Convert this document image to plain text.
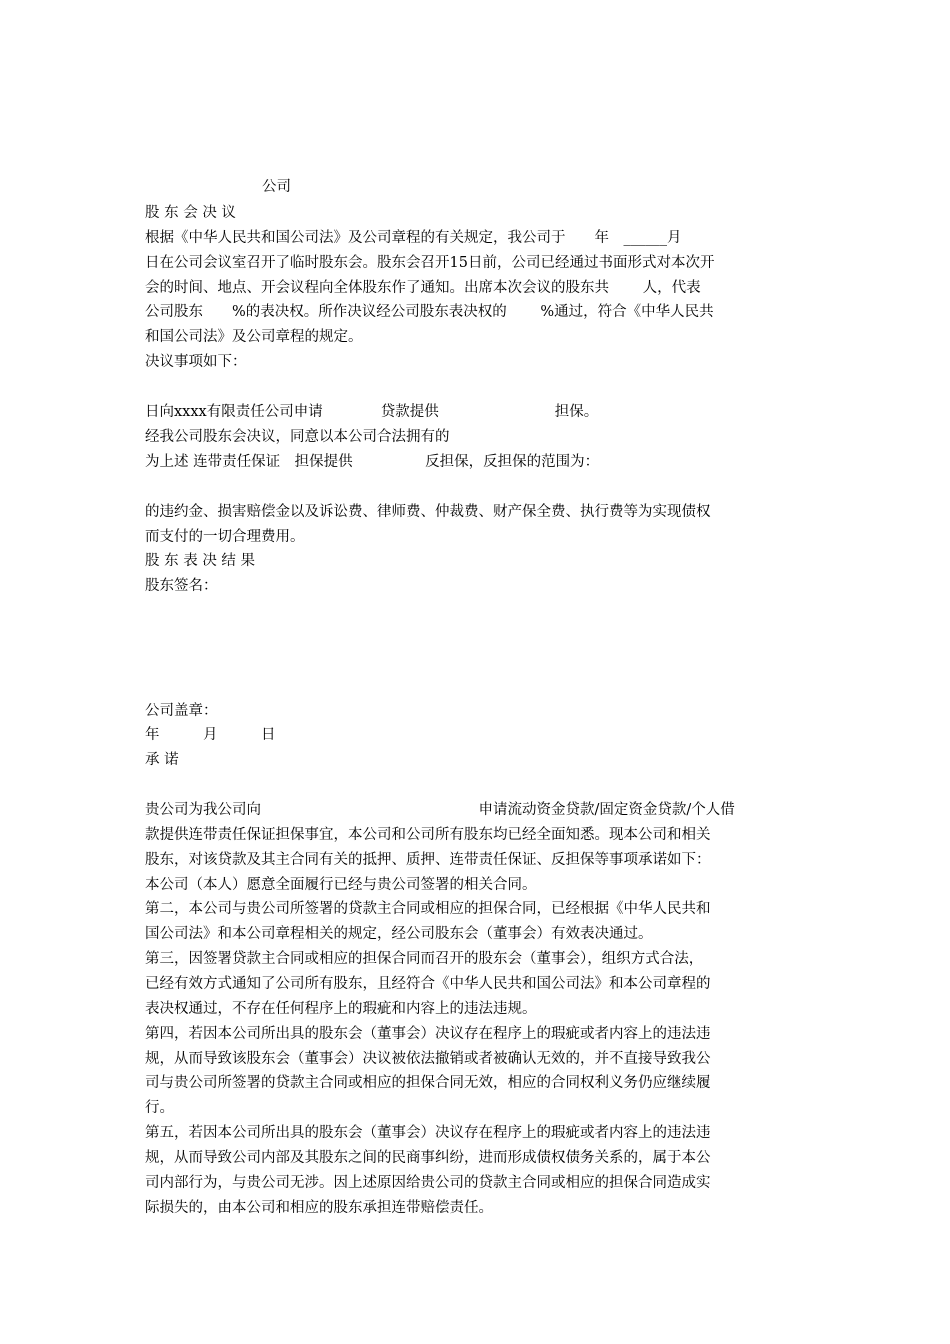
公司
股 东 会 决 议
根据《中华人民共和国公司法》及公司章程的有关规定，我公司于　　年　______月
日在公司会议室召开了临时股东会。股东会召开15日前，公司已经通过书面形式对本次开
会的时间、地点、开会议程向全体股东作了通知。出席本次会议的股东共　　 人，代表
公司股东　　%的表决权。所作决议经公司股东表决权的　　 %通过，符合《中华人民共
和国公司法》及公司章程的规定。
决议事项如下：

日向xxxx有限责任公司申请　　　　贷款提供　　　　　　　　担保。
经我公司股东会决议，同意以本公司合法拥有的
为上述 连带责任保证　担保提供　　　　　反担保，反担保的范围为：

的违约金、损害赔偿金以及诉讼费、律师费、仲裁费、财产保全费、执行费等为实现债权
而支付的一切合理费用。
股 东 表 决 结 果
股东签名：
公司盖章：
年　　　月　　　日
承 诺

贵公司为我公司向　　　　　　　　　　　　　　　申请流动资金贷款/固定资金贷款/个人借
款提供连带责任保证担保事宜，本公司和公司所有股东均已经全面知悉。现本公司和相关
股东，对该贷款及其主合同有关的抵押、质押、连带责任保证、反担保等事项承诺如下：
本公司（本人）愿意全面履行已经与贵公司签署的相关合同。
第二，本公司与贵公司所签署的贷款主合同或相应的担保合同，已经根据《中华人民共和
国公司法》和本公司章程相关的规定，经公司股东会（董事会）有效表决通过。
第三，因签署贷款主合同或相应的担保合同而召开的股东会（董事会），组织方式合法，
已经有效方式通知了公司所有股东，且经符合《中华人民共和国公司法》和本公司章程的
表决权通过，不存在任何程序上的瑕疵和内容上的违法违规。
第四，若因本公司所出具的股东会（董事会）决议存在程序上的瑕疵或者内容上的违法违
规，从而导致该股东会（董事会）决议被依法撤销或者被确认无效的，并不直接导致我公
司与贵公司所签署的贷款主合同或相应的担保合同无效，相应的合同权利义务仍应继续履
行。
第五，若因本公司所出具的股东会（董事会）决议存在程序上的瑕疵或者内容上的违法违
规，从而导致公司内部及其股东之间的民商事纠纷，进而形成债权债务关系的，属于本公
司内部行为，与贵公司无涉。因上述原因给贵公司的贷款主合同或相应的担保合同造成实
际损失的，由本公司和相应的股东承担连带赔偿责任。
